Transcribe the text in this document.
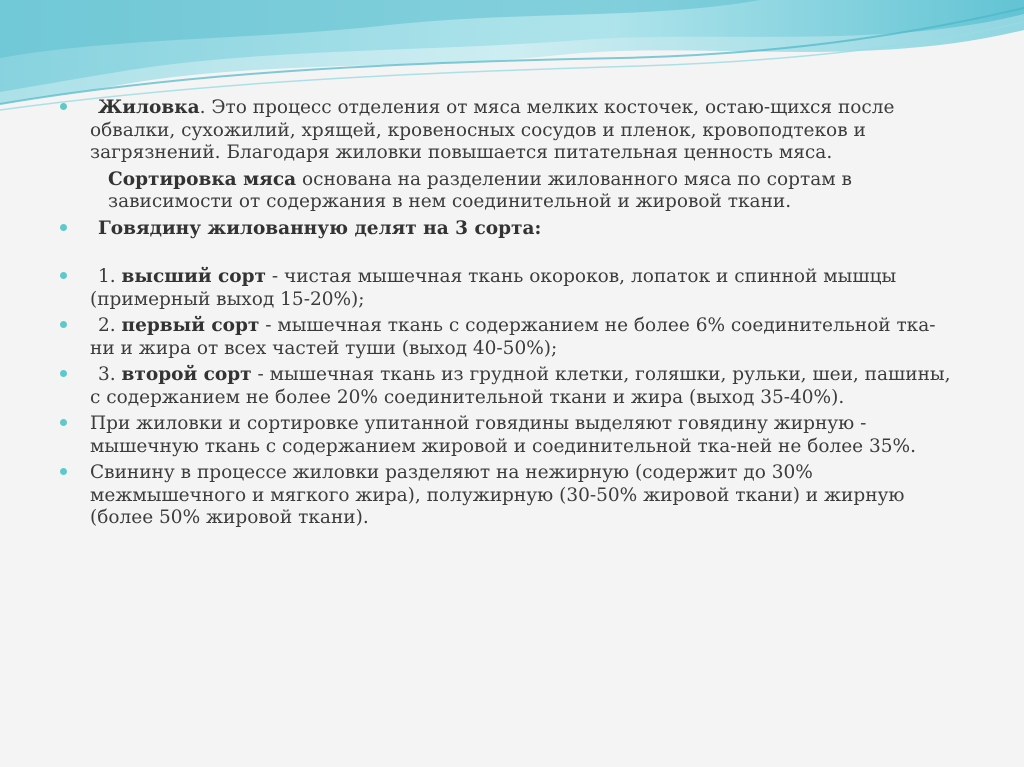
Жиловка. Это процесс отделения от мяса мелких косточек, остаю-щихся после обвалки, сухожилий, хрящей, кровеносных сосудов и пленок, кровоподтеков и загрязнений. Благодаря жиловки повышается питательная ценность мяса.
Сортировка мяса основана на разделении жилованного мяса по сортам в зависимости от содержания в нем соединительной и жировой ткани.
Говядину жилованную делят на 3 сорта:
1. высший сорт - чистая мышечная ткань окороков, лопаток и спинной мышцы (примерный выход 15-20%);
2. первый сорт - мышечная ткань с содержанием не более 6% соединительной тка-ни и жира от всех частей туши (выход 40-50%);
3. второй сорт - мышечная ткань из грудной клетки, голяшки, рульки, шеи, пашины, с содержанием не более 20% соединительной ткани и жира (выход 35-40%).
При жиловки и сортировке упитанной говядины выделяют говядину жирную - мышечную ткань с содержанием жировой и соединительной тка-ней не более 35%.
Свинину в процессе жиловки разделяют на нежирную (содержит до 30% межмышечного и мягкого жира), полужирную (30-50% жировой ткани) и жирную (более 50% жировой ткани).
